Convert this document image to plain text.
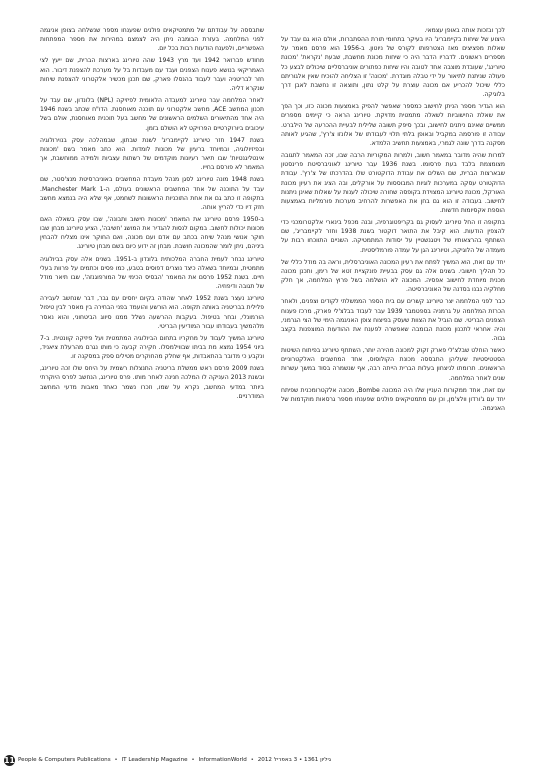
לכך ובזכות אותה באופן עצמאי.

היצוע של שיחות בקיימבריג' היו בעיקר בתחומי תורת ההסתברות, אולם הוא גם עבד על שאלות מפציצים מאז הצטרפותו לקורס של ניוטון. ב-1956 הוא פרסם מאמר על מספרים ראשונים. לדבריו הדבר היה כי שיחות מכונת מחשבת, שבעת 'נקראת' 'מכונת טיורינג', שעובדת מוצבה אחד לטובה והיו שיחות כפתורים אוניברסליים שיכולים לבצע כל פעולה שניתנת לתיאור על ידי טבלה מוגדרת. 'מכונה' זו הצליחה להוכיח שאין אלגוריתם כללי שיכול להכריע אם מכונה עוצרת על קלט נתון, ותוצאה זו נחשבת לאבן דרך בלוגיקה.

הוא הגדיר מספר הניתן לחישוב כמספר שאפשר להפיק באמצעות מכונה כזו, וכך הפך את שאלת החישוביות לשאלה מתמטית מדויקת. טיורינג הראה כי קיימים מספרים ממשיים שאינם ניתנים לחישוב, ובכך סיפק תשובה שלילית לבעיית ההכרעה של הילברט. עבודה זו פורסמה במקביל ובאופן בלתי תלוי לעבודתו של אלונזו צ'רץ', שהגיע לאותה מסקנה בדרך שונה לגמרי, באמצעות תחשיב הלמדא.

למרות שהיה מדובר במאמר חשוב, ולמרות המקוריות הרבה שבו, זכה המאמר לתגובה מצומצמת בלבד בעת פרסומו. בשנת 1936 עבר טיורינג לאוניברסיטת פרינסטון שבארצות הברית, שם השלים את עבודת הדוקטורט שלו בהדרכתו של צ'רץ'. עבודת הדוקטורט עסקה במערכות לוגיות המבוססות על אורקלים, ובה הציג את רעיון מכונת האורקל, מכונת טיורינג המצוידת בקופסה שחורה שיכולה לענות על שאלות שאינן ניתנות לחישוב. בעבודה זו הוא גם בחן את האפשרות להרחיב מערכות פורמליות באמצעות הוספת אקסיומות חדשות.

בתקופה זו החל טיורינג לעסוק גם בקריפטוגרפיה, ובנה מכפל בינארי אלקטרומכני כדי להצפין הודעות. הוא קיבל את התואר דוקטור בשנת 1938 וחזר לקיימבריג', שם השתתף בהרצאותיו של ויטגנשטיין על יסודות המתמטיקה. השניים התווכחו רבות על מעמדה של הלוגיקה, וטיורינג הגן על עמדה פורמליסטית.

יחד עם זאת, הוא המשיך לפתח את רעיון המכונה האוניברסלית, וראה בה מודל כללי של כל תהליך חישובי. בשנים אלה גם עסק בבעיית פונקציית זטא של רימן, ותכנן מכונה מכנית מיוחדת לחישוב אפסיה. המכונה לא הושלמה בשל פרוץ המלחמה, אך חלק מחלקיה נבנו בסדנה של האוניברסיטה.

כבר לפני המלחמה יצר טיורינג קשרים עם בית הספר הממשלתי לקודים וצפנים, ולאחר הכרזת המלחמה על גרמניה בספטמבר 1939 עבר לעבוד בבלצ'לי פארק, מרכז פענוח הצפנים הבריטי. שם הוביל את הצוות שעסק בפיצוח צופן האניגמה הימי של הצי הגרמני, והיה אחראי לתכנון מכונת הבומבה שאפשרה לפענח את ההודעות המוצפנות בקצב גבוה.

כאשר הוחלט שבלצ'לי פארק זקוק למכונה מהירה יותר, השתתף טיורינג בפיתוח השיטות הסטטיסטיות שעליהן התבססה מכונת הקולוסוס, אחד המחשבים האלקטרוניים הראשונים. תרומתו לניצחון בעלות הברית הייתה רבה, אף שנשמרה בסוד במשך עשרות שנים לאחר המלחמה.

עם זאת, אחד ממקורות העניין שלו היה המכונה Bombe, מכונה אלקטרומכנית שפיתח יחד עם ג'ורדון וולצ'מן, וכן עם מתמטיקאים פולנים שפענחו מספר גרסאות מוקדמות של האניגמה.

שתבססה על עבודתם של מתמטיקאים פולנים שפענחו מספר שנשלחה בצופן אניגמה לפני המלחמה. בעזרת הבומבה ניתן היה לצמצם במהירות את מספר המפתחות האפשריים, ולפענח הודעות רבות בכל יום.

מחודש פברואר 1942 ועד מרץ 1943 שהה טיורינג בארצות הברית, שם ייעץ לצי האמריקאי בנושא פענוח הצפנים ועבד עם מעבדות בל על מערכת להצפנת דיבור. הוא חזר לבריטניה ועבר לעבוד בהנסלו פארק, שם תכנן מכשיר אלקטרוני להצפנת שיחות שנקרא דליה.

לאחר המלחמה עבר טיורינג למעבדה הלאומית לפיזיקה (NPL) בלונדון, שם עבד על תכנון המחשב ACE, מחשב אלקטרוני עם תוכנה מאוחסנת. הדו"ח שכתב בשנת 1946 היה אחד מהתיאורים השלמים הראשונים של מחשב בעל תוכנית מאוחסנת, אולם בשל עיכובים ביורוקרטיים הפרויקט לא הושלם בזמן.

בשנת 1947 חזר טיורינג לקיימבריג' לשנת שבתון, שבמהלכה עסק בנוירולוגיה ובפיזיולוגיה, ובמיוחד ברעיון של מכונות לומדות. הוא כתב מאמר בשם 'מכונות אינטליגנטיות' שבו תיאר רעיונות מוקדמים של רשתות עצביות ולמידה ממוחשבת, אך המאמר לא פורסם בחייו.

בשנת 1948 מונה טיורינג לסגן מנהל מעבדת המחשבים באוניברסיטת מנצ'סטר, שם עבד על התוכנה של אחד המחשבים הראשונים בעולם, ה-Manchester Mark 1. בתקופה זו כתב גם את אחת התוכניות הראשונות לשחמט, אף שלא היה בנמצא מחשב חזק דיו כדי להריץ אותה.

ב-1950 פרסם טיורינג את המאמר 'מכונות חישוב ותבונה', שבו עסק בשאלה האם מכונות יכולות לחשוב. במקום לנסות להגדיר את המושג 'חשיבה', הציע טיורינג מבחן שבו חוקר אנושי מנהל שיחה בכתב עם אדם ועם מכונה, ואם החוקר אינו מצליח להבחין ביניהם, ניתן לומר שהמכונה חושבת. מבחן זה ידוע כיום בשם מבחן טיורינג.

טיורינג נבחר לעמית החברה המלכותית בלונדון ב-1951. בשנים אלה עסק בביולוגיה מתמטית, ובמיוחד בשאלה כיצד נוצרים דפוסים בטבע, כמו פסים וכתמים על פרוות בעלי חיים. בשנת 1952 פרסם את המאמר 'הבסיס הכימי של המורפוגנזה', שבו תיאר מודל של תגובה ודיפוזיה.

טיורינג נעצר בשנת 1952 לאחר שהודה בקיום יחסים עם גבר, דבר שנחשב לעבירה פלילית בבריטניה באותה תקופה. הוא הורשע והועמד בפני הבחירה בין מאסר לבין טיפול הורמונלי, ובחר בטיפול. בעקבות ההרשעה נשלל ממנו סיווג הביטחוני, והוא נאסר מלהמשיך בעבודתו עבור המודיעין הבריטי.

טיורינג המשיך לעבוד על מחקריו בתחום הביולוגיה המתמטית ועל פיזיקה קוונטית. ב-7 ביוני 1954 נמצא מת בביתו שבווילמסלו. חקירה קבעה כי מותו נגרם מהרעלת ציאניד, ונקבע כי מדובר בהתאבדות, אף שחלק מהחוקרים מטילים ספק במסקנה זו.

בשנת 2009 פרסם ראש ממשלת בריטניה התנצלות רשמית על היחס שלו זכה טיורינג, ובשנת 2013 העניקה לו המלכה חנינה לאחר מותו. פרס טיורינג, הנחשב לפרס היוקרתי ביותר במדעי המחשב, נקרא על שמו, וזכרו נשמר כאחד מאבות מדעי המחשב המודרניים.

11 People & Computers Publications • IT Leadership Magazine • InformationWorld • גיליון 1361 • 3 באפריל 2012
